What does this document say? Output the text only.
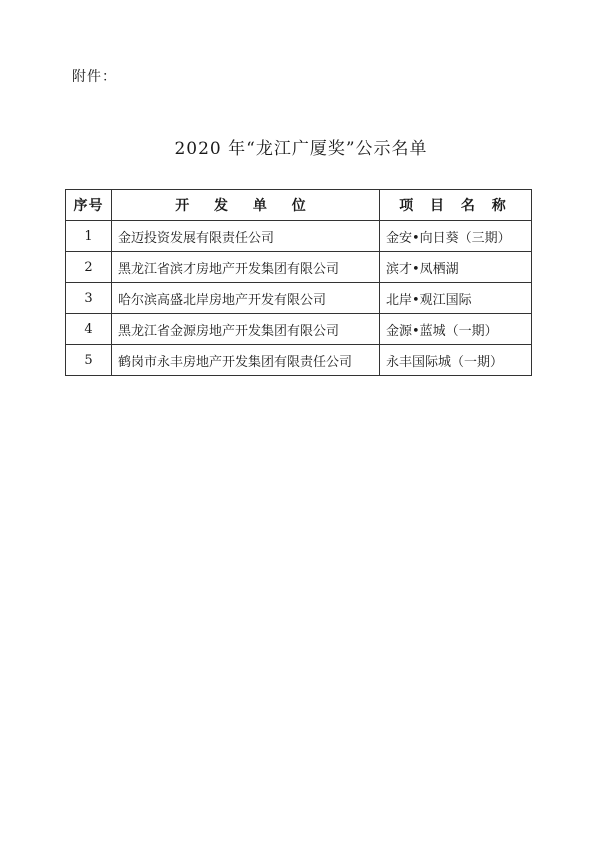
附件：
2020 年“龙江广厦奖”公示名单
序号	开 发 单 位	项 目 名 称
1	金迈投资发展有限责任公司	金安•向日葵（三期）
2	黑龙江省滨才房地产开发集团有限公司	滨才•凤栖湖
3	哈尔滨高盛北岸房地产开发有限公司	北岸•观江国际
4	黑龙江省金源房地产开发集团有限公司	金源•蓝城（一期）
5	鹤岗市永丰房地产开发集团有限责任公司	永丰国际城（一期）
